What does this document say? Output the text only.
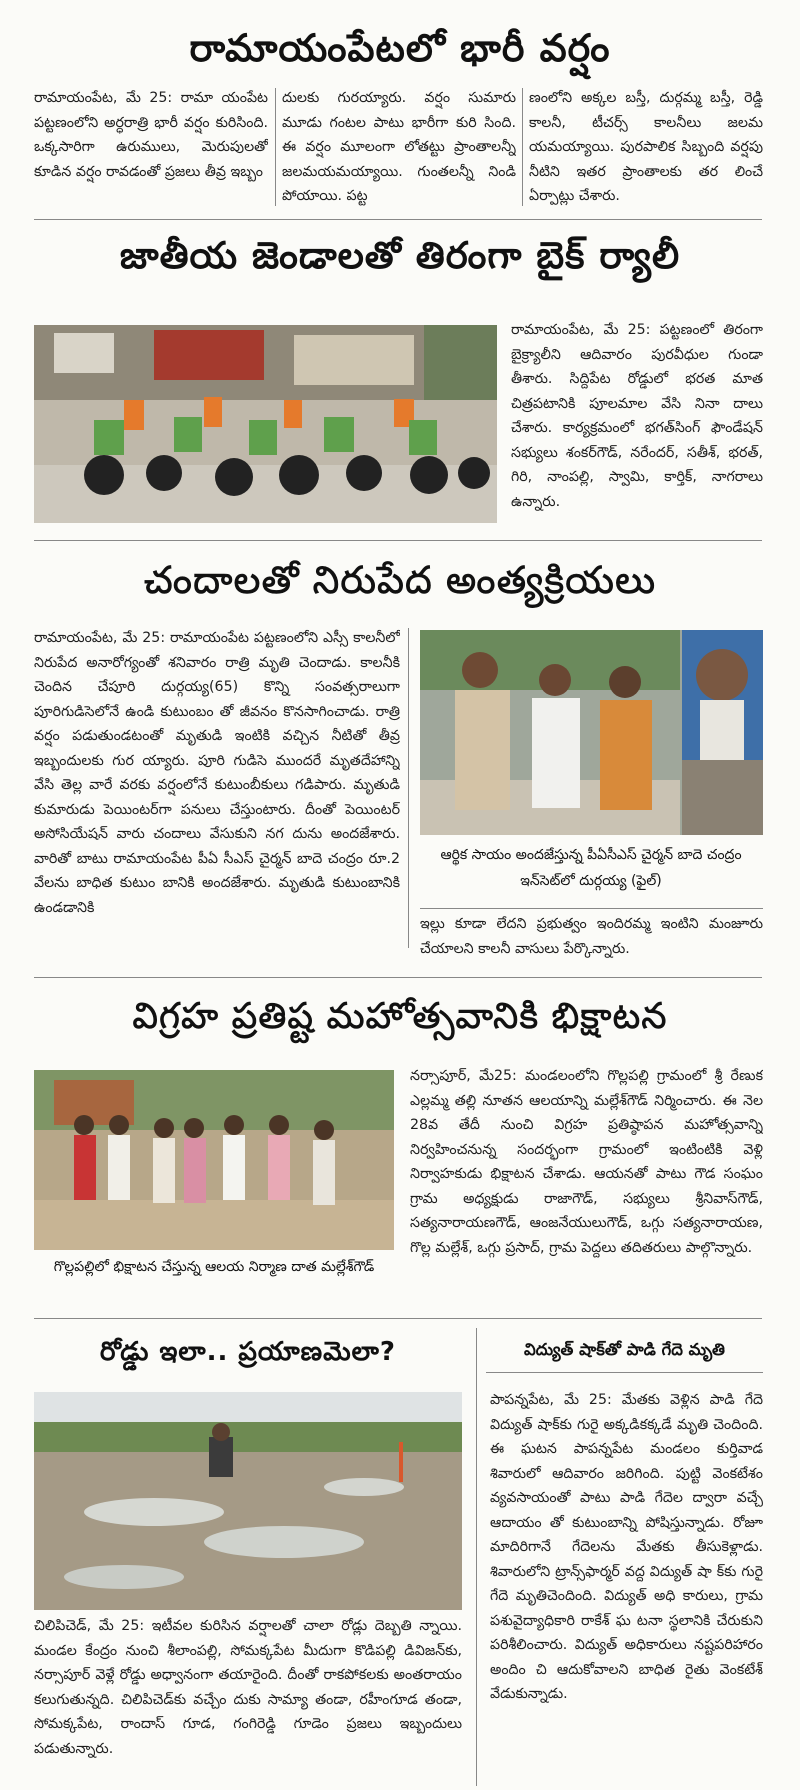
రామాయంపేటలో భారీ వర్షం

రామాయంపేట, మే 25: రామా యంపేట పట్టణంలోని అర్ధరాత్రి భారీ వర్షం కురిసింది. ఒక్కసారిగా ఉరుములు, మెరుపులతో కూడిన వర్షం రావడంతో ప్రజలు తీవ్ర ఇబ్బం

దులకు గురయ్యారు. వర్షం సుమారు మూడు గంటల పాటు భారీగా కురి సింది. ఈ వర్షం మూలంగా లోతట్టు ప్రాంతాలన్నీ జలమయమయ్యాయి. గుంతలన్నీ నిండి పోయాయి. పట్ట

ణంలోని అక్కల బస్తీ, దుర్గమ్మ బస్తీ, రెడ్డి కాలనీ, టీచర్స్ కాలనీలు జలమ యమయ్యాయి. పురపాలిక సిబ్బంది వర్షపు నీటిని ఇతర ప్రాంతాలకు తర లించే ఏర్పాట్లు చేశారు.

జాతీయ జెండాలతో తిరంగా బైక్ ర్యాలీ

రామాయంపేట, మే 25: పట్టణంలో తిరంగా బైక్ర్యాలీని ఆదివారం పురవీధుల గుండా తీశారు. సిద్దిపేట రోడ్డులో భరత మాత చిత్రపటానికి పూలమాల వేసి నినా దాలు చేశారు. కార్యక్రమంలో భగత్‌సింగ్ ఫౌండేషన్ సభ్యులు శంకర్‌గౌడ్, నరేందర్, సతీశ్, భరత్, గిరి, నాంపల్లి, స్వామి, కార్తిక్, నాగరాలు ఉన్నారు.

చందాలతో నిరుపేద అంత్యక్రియలు

రామాయంపేట, మే 25: రామాయంపేట పట్టణంలోని ఎస్సీ కాలనీలో నిరుపేద అనారోగ్యంతో శనివారం రాత్రి మృతి చెందాడు. కాలనీకి చెందిన చేపూరి దుర్గయ్య(65) కొన్ని సంవత్సరాలుగా పూరిగుడిసెలోనే ఉండి కుటుంబం తో జీవనం కొనసాగించాడు. రాత్రి వర్షం పడుతుండటంతో మృతుడి ఇంటికి వచ్చిన నీటితో తీవ్ర ఇబ్బందులకు గుర య్యారు. పూరి గుడిసె ముందరే మృతదేహాన్ని వేసి తెల్ల వారే వరకు వర్షంలోనే కుటుంబీకులు గడిపారు. మృతుడి కుమారుడు పెయింటర్‌గా పనులు చేస్తుంటారు. దీంతో పెయింటర్ అసోసియేషన్ వారు చందాలు వేసుకుని నగ దును అందజేశారు. వారితో బాటు రామాయంపేట పీఏ సీఎస్ చైర్మన్ బాదె చంద్రం రూ.2 వేలను బాధిత కుటుం బానికి అందజేశారు. మృతుడి కుటుంబానికి ఉండడానికి

ఆర్థిక సాయం అందజేస్తున్న పీఏసీఎస్ చైర్మన్ బాదె చంద్రం ఇన్‌సెట్‌లో దుర్గయ్య (ఫైల్)

ఇల్లు కూడా లేదని ప్రభుత్వం ఇందిరమ్మ ఇంటిని మంజూరు చేయాలని కాలనీ వాసులు పేర్కొన్నారు.

విగ్రహ ప్రతిష్ట మహోత్సవానికి భిక్షాటన
గొల్లపల్లిలో భిక్షాటన చేస్తున్న ఆలయ నిర్మాణ దాత మల్లేశ్‌గౌడ్

నర్సాపూర్, మే25: మండలంలోని గొల్లపల్లి గ్రామంలో శ్రీ రేణుక ఎల్లమ్మ తల్లి నూతన ఆలయాన్ని మల్లేశ్‌గౌడ్ నిర్మించారు. ఈ నెల 28వ తేదీ నుంచి విగ్రహ ప్రతిష్ఠాపన మహోత్సవాన్ని నిర్వహించనున్న సందర్భంగా గ్రామంలో ఇంటింటికి వెళ్లి నిర్వాహకుడు భిక్షాటన చేశాడు. ఆయనతో పాటు గౌడ సంఘం గ్రామ అధ్యక్షుడు రాజాగౌడ్, సభ్యులు శ్రీనివాస్‌గౌడ్, సత్యనారాయణగౌడ్, ఆంజనేయులుగౌడ్, ఒగ్గు సత్యనారాయణ, గొల్ల మల్లేశ్, ఒగ్గు ప్రసాద్, గ్రామ పెద్దలు తదితరులు పాల్గొన్నారు.

రోడ్డు ఇలా.. ప్రయాణమెలా?

చిలిపిచెడ్, మే 25: ఇటీవల కురిసిన వర్షాలతో చాలా రోడ్లు దెబ్బతి న్నాయి. మండల కేంద్రం నుంచి శీలాంపల్లి, సోమక్కపేట మీదుగా కొడిపల్లి డివిజన్‌కు, నర్సాపూర్ వెళ్లే రోడ్డు అధ్వానంగా తయారైంది. దీంతో రాకపోకలకు అంతరాయం కలుగుతున్నది. చిలిపిచెడ్‌కు వచ్చేం దుకు సామ్యా తండా, రహీంగూడ తండా, సోమక్కపేట, రాందాస్ గూడ, గంగిరెడ్డి గూడెం ప్రజలు ఇబ్బందులు పడుతున్నారు.

విద్యుత్ షాక్‌తో పాడి గేదె మృతి

పాపన్నపేట, మే 25: మేతకు వెళ్లిన పాడి గేదె విద్యుత్ షాక్‌కు గురై అక్కడికక్కడే మృతి చెందింది. ఈ ఘటన పాపన్నపేట మండలం కుర్తివాడ శివారులో ఆదివారం జరిగింది. పుట్టి వెంకటేశం వ్యవసాయంతో పాటు పాడి గేదెల ద్వారా వచ్చే ఆదాయం తో కుటుంబాన్ని పోషిస్తున్నాడు. రోజూ మాదిరిగానే గేదెలను మేతకు తీసుకెళ్లాడు. శివారులోని ట్రాన్స్‌ఫార్మర్ వద్ద విద్యుత్ షా క్‌కు గురై గేదె మృతిచెందింది. విద్యుత్ అధి కారులు, గ్రామ పశువైద్యాధికారి రాకేశ్ ఘ టనా స్థలానికి చేరుకుని పరిశీలించారు. విద్యుత్ అధికారులు నష్టపరిహారం అందిం చి ఆదుకోవాలని బాధిత రైతు వెంకటేశ్ వేడుకున్నాడు.
